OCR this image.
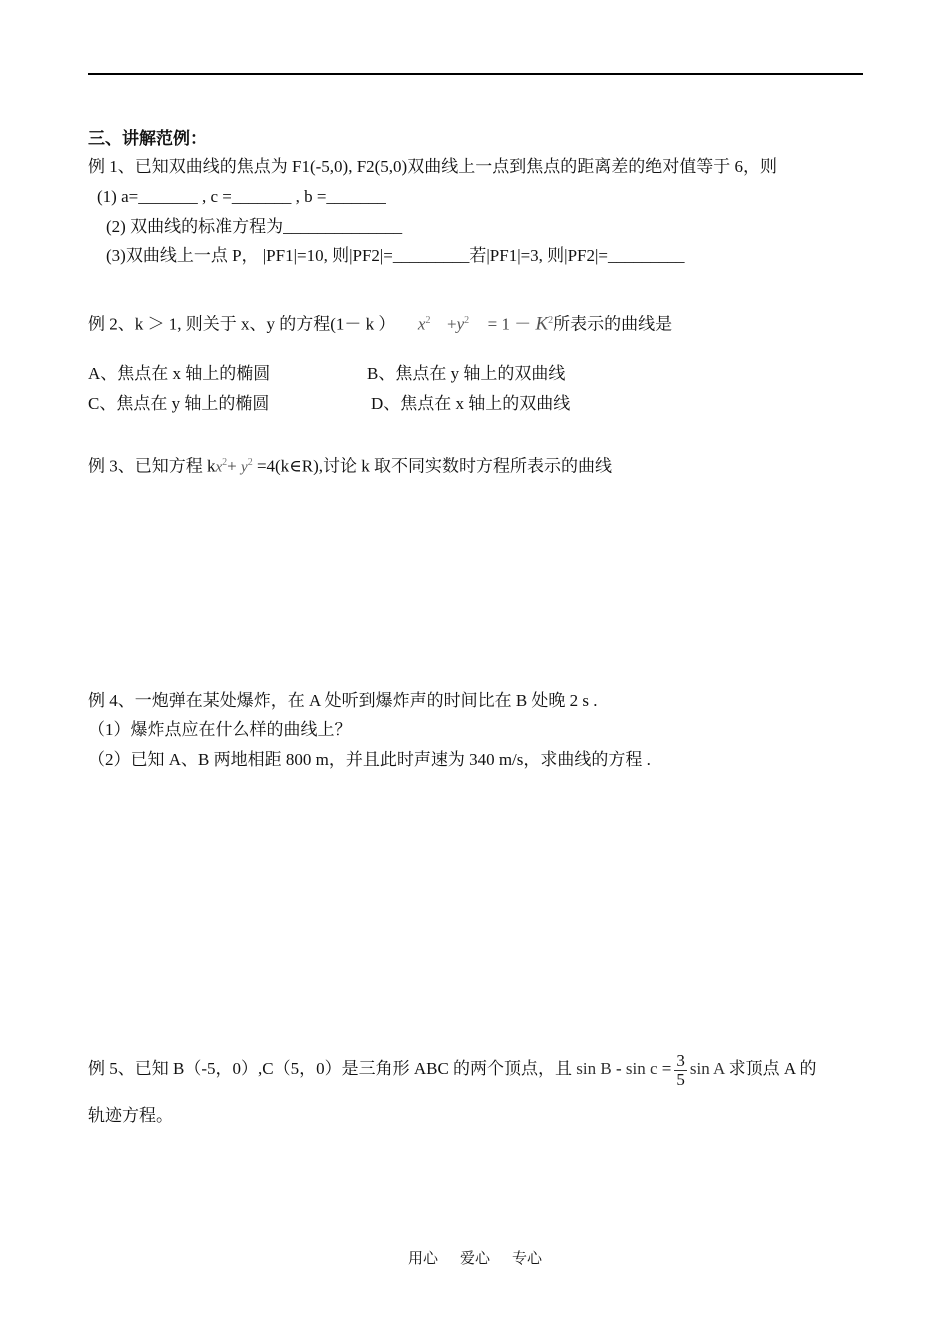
三、讲解范例：
例 1、已知双曲线的焦点为 F1(-5,0), F2(5,0)双曲线上一点到焦点的距离差的绝对值等于 6，则
(1) a=_______ , c =_______ , b =_______
(2) 双曲线的标准方程为______________
(3)双曲线上一点 P， |PF1|=10, 则|PF2|=_________若|PF1|=3, 则|PF2|=_________
例 2、k ＞ 1, 则关于 x、y 的方程(1－ k ） $x^2 +y^2 = 1 - K^2$所表示的曲线是
A、焦点在 x 轴上的椭圆	B、焦点在 y 轴上的双曲线
C、焦点在 y 轴上的椭圆	D、焦点在 x 轴上的双曲线
例 3、已知方程 $kx^2+ y^2$ =4(k∈R),讨论 k 取不同实数时方程所表示的曲线
例 4、一炮弹在某处爆炸，在 A 处听到爆炸声的时间比在 B 处晚 2 s .
（1）爆炸点应在什么样的曲线上？
（2）已知 A、B 两地相距 800 m，并且此时声速为 340 m/s，求曲线的方程 .
例 5、已知 B（-5，0）,C（5，0）是三角形 ABC 的两个顶点，且 $\sin B - \sin c = \frac{3}{5}$ sin A 求顶点 A 的
轨迹方程。
用心 爱心 专心
